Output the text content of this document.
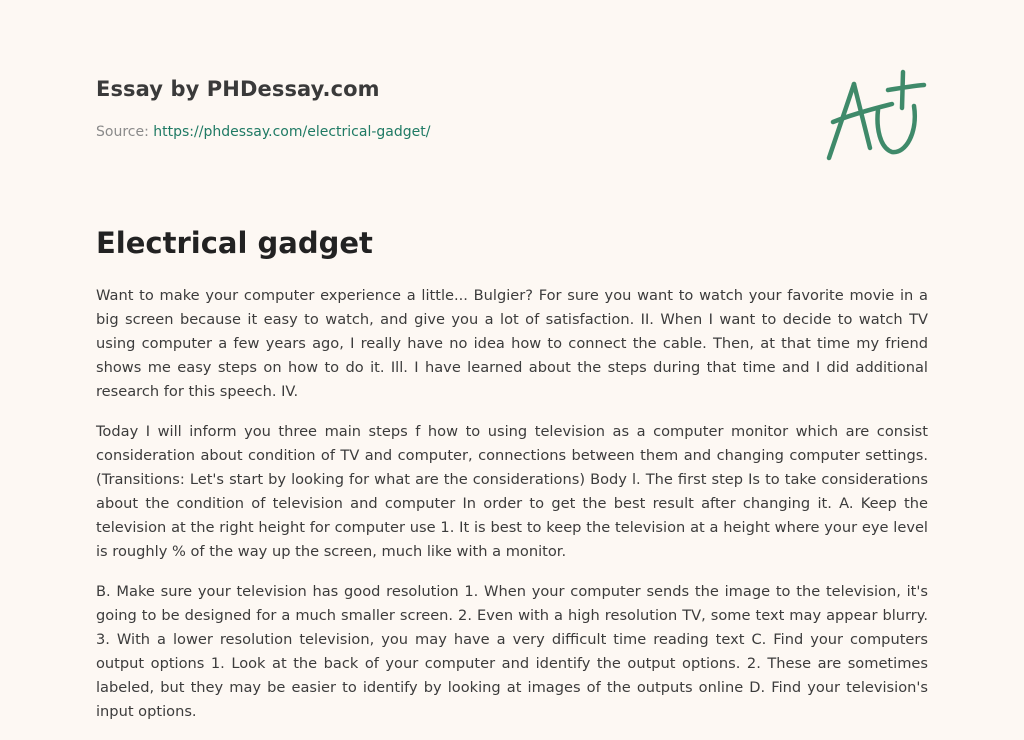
Essay by PHDessay.com
Source: https://phdessay.com/electrical-gadget/
Electrical gadget

Want to make your computer experience a little... Bulgier? For sure you want to watch your favorite movie in a big screen because it easy to watch, and give you a lot of satisfaction. II. When I want to decide to watch TV using computer a few years ago, I really have no idea how to connect the cable. Then, at that time my friend shows me easy steps on how to do it. Ill. I have learned about the steps during that time and I did additional research for this speech. IV.

Today I will inform you three main steps f how to using television as a computer monitor which are consist consideration about condition of TV and computer, connections between them and changing computer settings. (Transitions: Let's start by looking for what are the considerations) Body l. The first step Is to take considerations about the condition of television and computer In order to get the best result after changing it. A. Keep the television at the right height for computer use 1. It is best to keep the television at a height where your eye level is roughly % of the way up the screen, much like with a monitor.

B. Make sure your television has good resolution 1. When your computer sends the image to the television, it's going to be designed for a much smaller screen. 2. Even with a high resolution TV, some text may appear blurry. 3. With a lower resolution television, you may have a very difficult time reading text C. Find your computers output options 1. Look at the back of your computer and identify the output options. 2. These are sometimes labeled, but they may be easier to identify by looking at images of the outputs online D. Find your television's input options.
